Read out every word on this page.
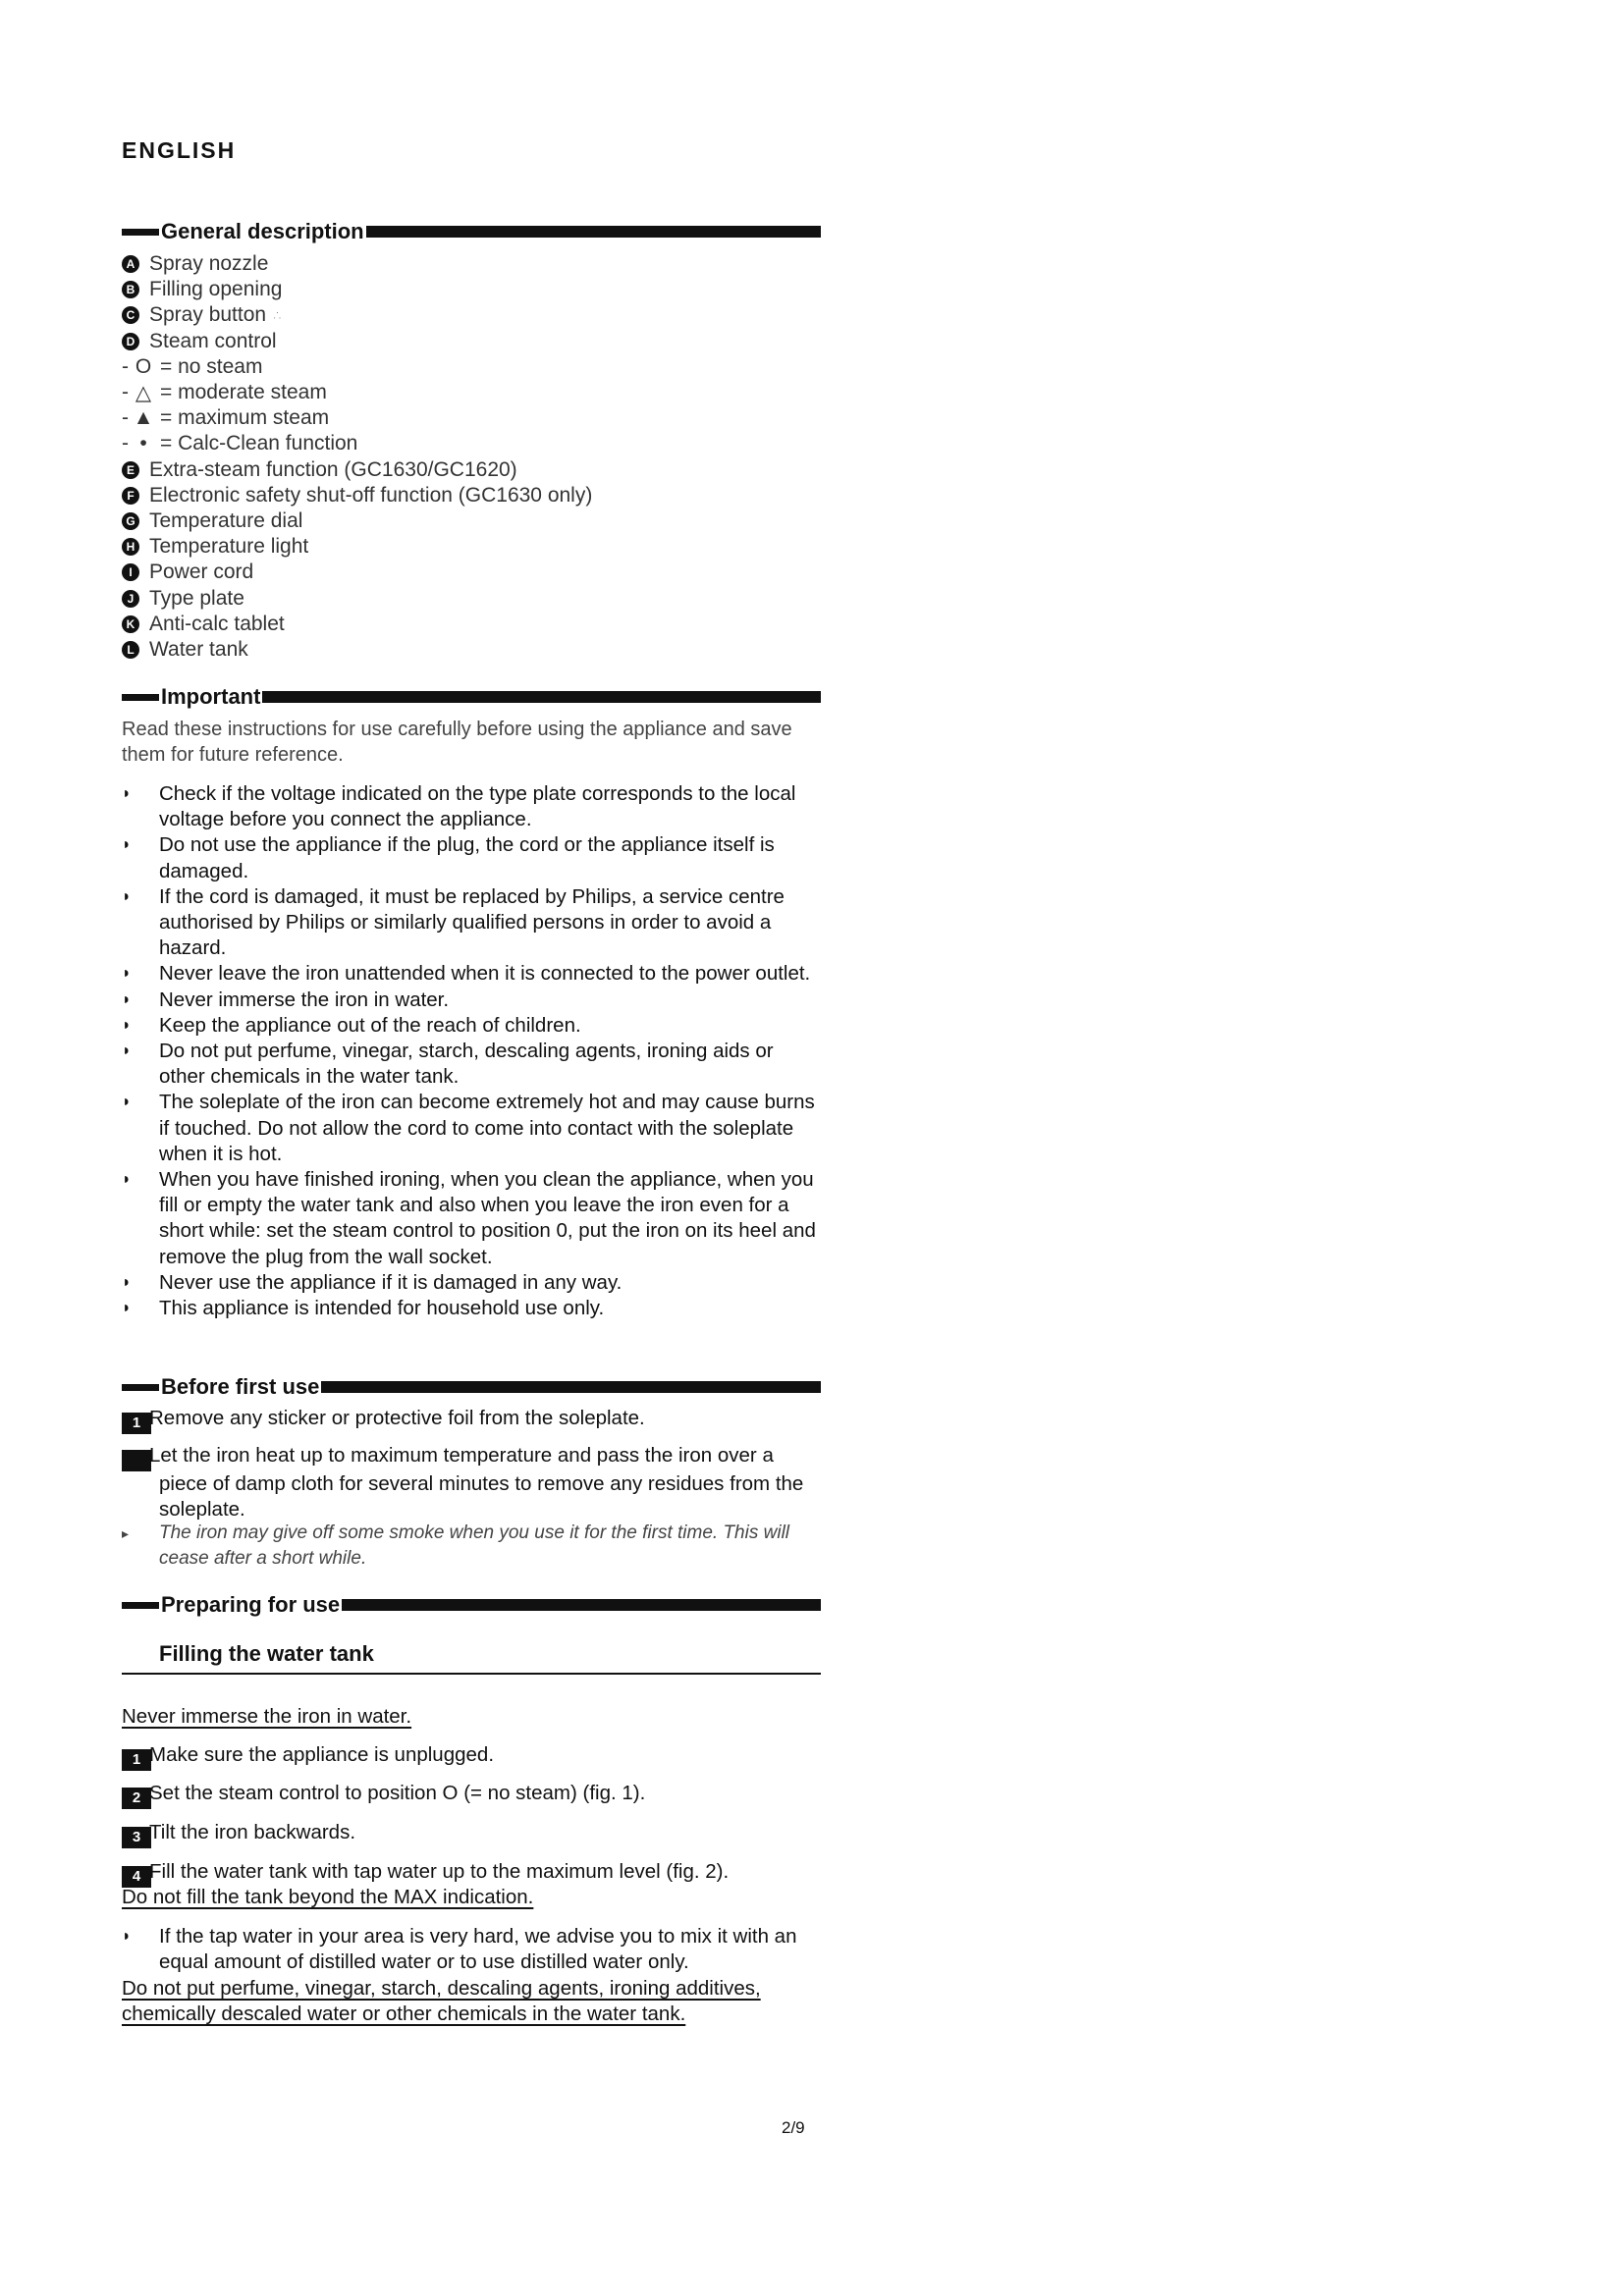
ENGLISH
General description
A Spray nozzle
B Filling opening
C Spray button ∴
D Steam control
- O = no steam
- △ = moderate steam
- ▲ = maximum steam
- • = Calc-Clean function
E Extra-steam function (GC1630/GC1620)
F Electronic safety shut-off function (GC1630 only)
G Temperature dial
H Temperature light
I Power cord
J Type plate
K Anti-calc tablet
L Water tank
Important
Read these instructions for use carefully before using the appliance and save them for future reference.
◗ Check if the voltage indicated on the type plate corresponds to the local voltage before you connect the appliance.
◗ Do not use the appliance if the plug, the cord or the appliance itself is damaged.
◗ If the cord is damaged, it must be replaced by Philips, a service centre authorised by Philips or similarly qualified persons in order to avoid a hazard.
◗ Never leave the iron unattended when it is connected to the power outlet.
◗ Never immerse the iron in water.
◗ Keep the appliance out of the reach of children.
◗ Do not put perfume, vinegar, starch, descaling agents, ironing aids or other chemicals in the water tank.
◗ The soleplate of the iron can become extremely hot and may cause burns if touched. Do not allow the cord to come into contact with the soleplate when it is hot.
◗ When you have finished ironing, when you clean the appliance, when you fill or empty the water tank and also when you leave the iron even for a short while: set the steam control to position 0, put the iron on its heel and remove the plug from the wall socket.
◗ Never use the appliance if it is damaged in any way.
◗ This appliance is intended for household use only.
Before first use
1 Remove any sticker or protective foil from the soleplate.
2 Let the iron heat up to maximum temperature and pass the iron over a piece of damp cloth for several minutes to remove any residues from the soleplate.
▸ The iron may give off some smoke when you use it for the first time. This will cease after a short while.
Preparing for use
Filling the water tank
Never immerse the iron in water.
1 Make sure the appliance is unplugged.
2 Set the steam control to position O (= no steam) (fig. 1).
3 Tilt the iron backwards.
4 Fill the water tank with tap water up to the maximum level (fig. 2).
Do not fill the tank beyond the MAX indication.
◗ If the tap water in your area is very hard, we advise you to mix it with an equal amount of distilled water or to use distilled water only.
Do not put perfume, vinegar, starch, descaling agents, ironing additives, chemically descaled water or other chemicals in the water tank.
2/9
